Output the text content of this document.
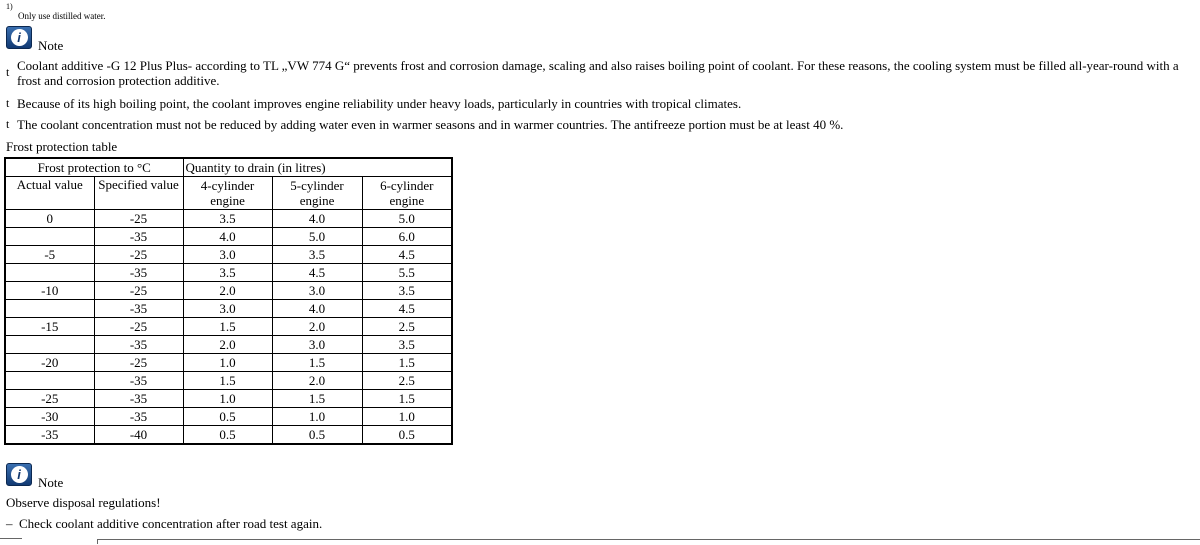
1)
Only use distilled water.
i
Note
t Coolant additive -G 12 Plus Plus- according to TL „VW 774 G“ prevents frost and corrosion damage, scaling and also raises boiling point of coolant. For these reasons, the cooling system must be filled all-year-round with a frost and corrosion protection additive.
t Because of its high boiling point, the coolant improves engine reliability under heavy loads, particularly in countries with tropical climates.
t The coolant concentration must not be reduced by adding water even in warmer seasons and in warmer countries. The antifreeze portion must be at least 40 %.
Frost protection table
Frost protection to °C		Quantity to drain (in litres)		
Actual value	Specified value	4-cylinder engine	5-cylinder engine	6-cylinder engine
0	-25	3.5	4.0	5.0
	-35	4.0	5.0	6.0
-5	-25	3.0	3.5	4.5
	-35	3.5	4.5	5.5
-10	-25	2.0	3.0	3.5
	-35	3.0	4.0	4.5
-15	-25	1.5	2.0	2.5
	-35	2.0	3.0	3.5
-20	-25	1.0	1.5	1.5
	-35	1.5	2.0	2.5
-25	-35	1.0	1.5	1.5
-30	-35	0.5	1.0	1.0
-35	-40	0.5	0.5	0.5
i
Note
Observe disposal regulations!
– Check coolant additive concentration after road test again.
